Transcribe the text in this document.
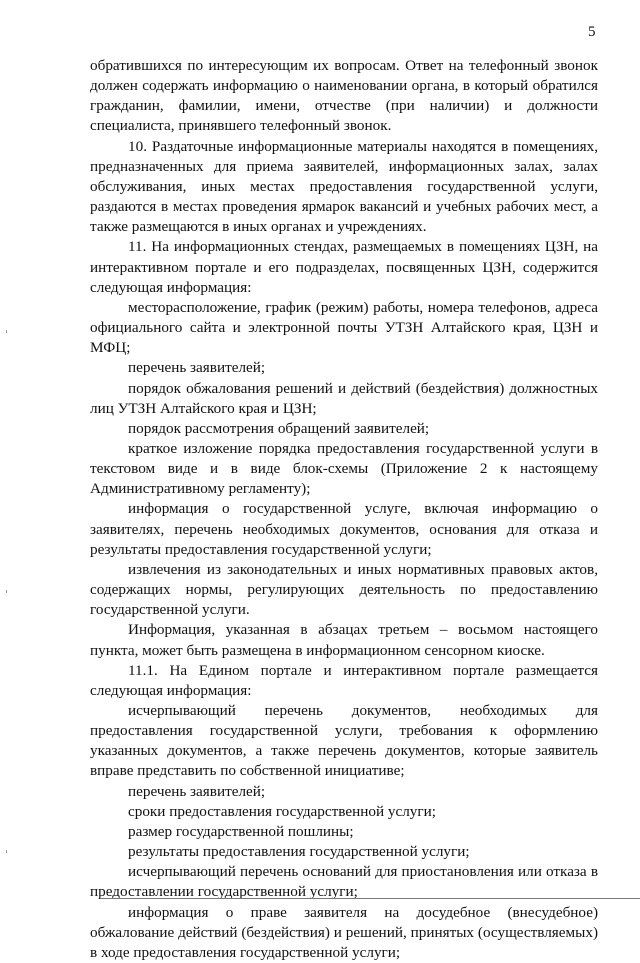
5

обратившихся по интересующим их вопросам. Ответ на телефонный звонок должен содержать информацию о наименовании органа, в который обратился гражданин, фамилии, имени, отчестве (при наличии) и должности специалиста, принявшего телефонный звонок.

10. Раздаточные информационные материалы находятся в помещениях, предназначенных для приема заявителей, информационных залах, залах обслуживания, иных местах предоставления государственной услуги, раздаются в местах проведения ярмарок вакансий и учебных рабочих мест, а также размещаются в иных органах и учреждениях.

11. На информационных стендах, размещаемых в помещениях ЦЗН, на интерактивном портале и его подразделах, посвященных ЦЗН, содержится следующая информация:

месторасположение, график (режим) работы, номера телефонов, адреса официального сайта и электронной почты УТЗН Алтайского края, ЦЗН и МФЦ;

перечень заявителей;

порядок обжалования решений и действий (бездействия) должностных лиц УТЗН Алтайского края и ЦЗН;

порядок рассмотрения обращений заявителей;

краткое изложение порядка предоставления государственной услуги в текстовом виде и в виде блок-схемы (Приложение 2 к настоящему Административному регламенту);

информация о государственной услуге, включая информацию о заявителях, перечень необходимых документов, основания для отказа и результаты предоставления государственной услуги;

извлечения из законодательных и иных нормативных правовых актов, содержащих нормы, регулирующих деятельность по предоставлению государственной услуги.

Информация, указанная в абзацах третьем – восьмом настоящего пункта, может быть размещена в информационном сенсорном киоске.

11.1. На Едином портале и интерактивном портале размещается следующая информация:

исчерпывающий перечень документов, необходимых для предоставления государственной услуги, требования к оформлению указанных документов, а также перечень документов, которые заявитель вправе представить по собственной инициативе;

перечень заявителей;

сроки предоставления государственной услуги;

размер государственной пошлины;

результаты предоставления государственной услуги;

исчерпывающий перечень оснований для приостановления или отказа в предоставлении государственной услуги;

информация о праве заявителя на досудебное (внесудебное) обжалование действий (бездействия) и решений, принятых (осуществляемых) в ходе предоставления государственной услуги;
